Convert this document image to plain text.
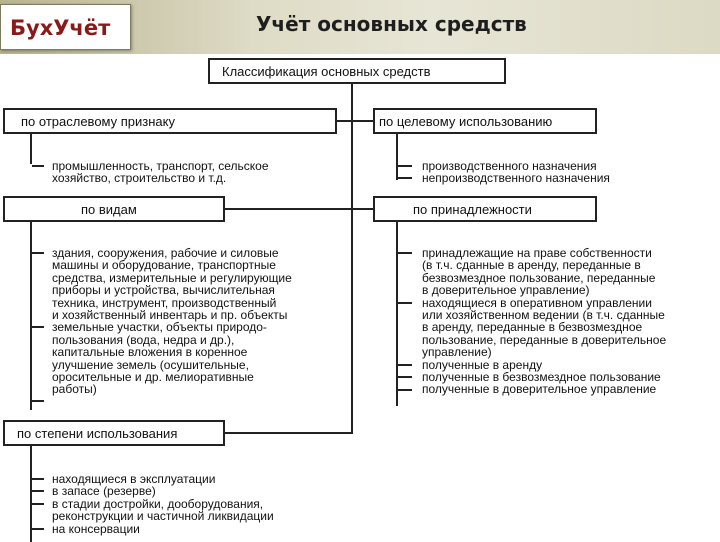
БухУчёт	Учёт основных средств
Классификация основных средств
по отраслевому признаку	по целевому использованию
по видам	по принадлежности
по степени использования
промышленность, транспорт, сельское
хозяйство, строительство и т.д.
производственного назначения
непроизводственного назначения
здания, сооружения, рабочие и силовые
машины и оборудование, транспортные
средства, измерительные и регулирующие
приборы и устройства, вычислительная
техника, инструмент, производственный
и хозяйственный инвентарь и пр. объекты
земельные участки, объекты природо-
пользования (вода, недра и др.),
капитальные вложения в коренное
улучшение земель (осушительные,
оросительные и др. мелиоративные
работы)
принадлежащие на праве собственности
(в т.ч. сданные в аренду, переданные в
безвозмездное пользование, переданные
в доверительное управление)
находящиеся в оперативном управлении
или хозяйственном ведении (в т.ч. сданные
в аренду, переданные в безвозмездное
пользование, переданные в доверительное
управление)
полученные в аренду
полученные в безвозмездное пользование
полученные в доверительное управление
находящиеся в эксплуатации
в запасе (резерве)
в стадии достройки, дооборудования,
реконструкции и частичной ликвидации
на консервации
